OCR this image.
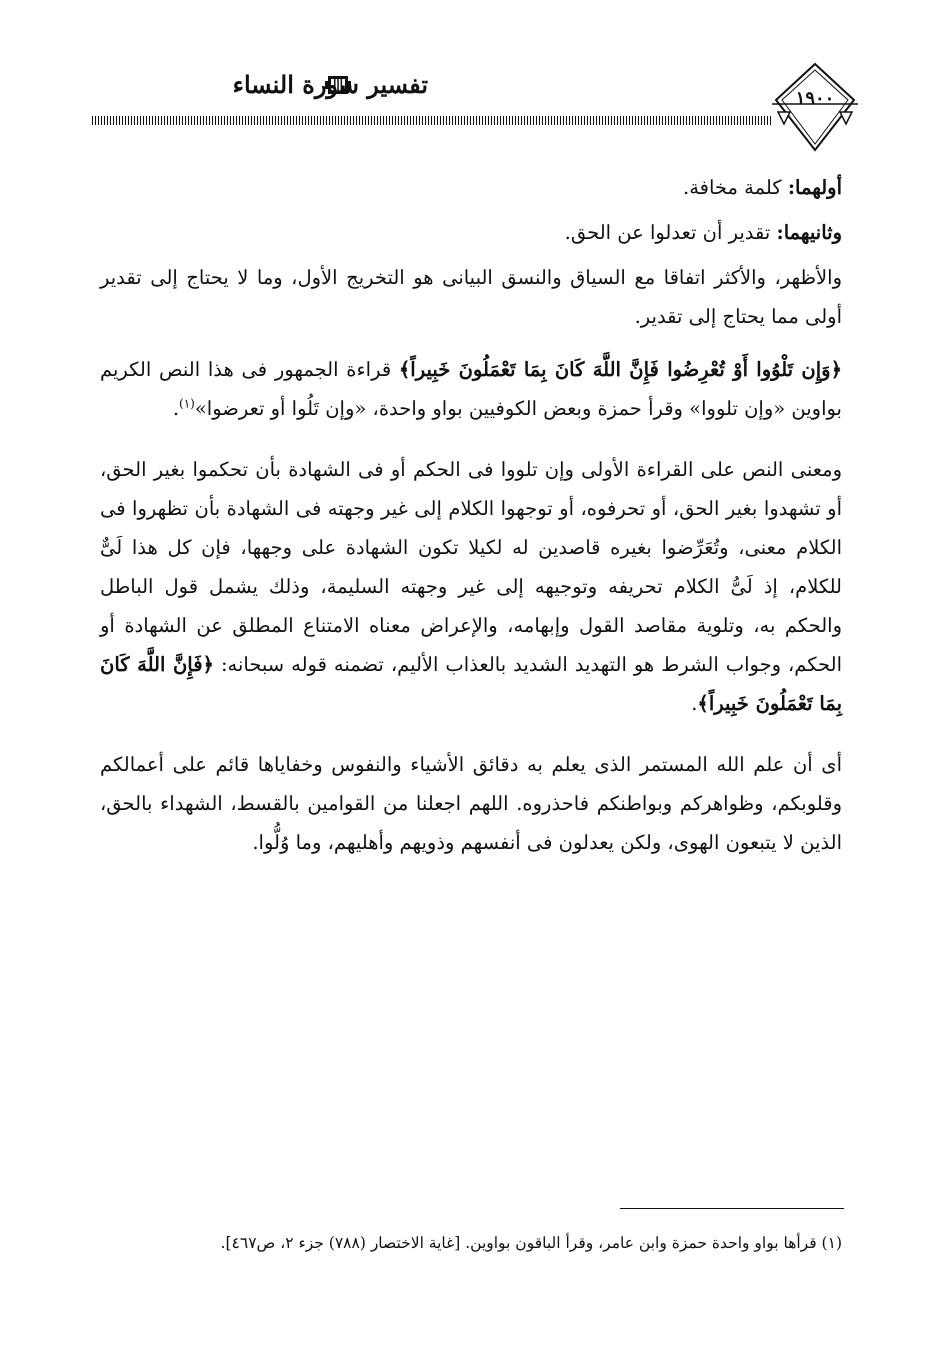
تفسير سورة النساء	١٩٠٠

أولهما: كلمة مخافة.

وثانيهما: تقدير أن تعدلوا عن الحق.

والأظهر، والأكثر اتفاقا مع السياق والنسق البيانى هو التخريج الأول، وما لا يحتاج إلى تقدير أولى مما يحتاج إلى تقدير.

﴿وَإِن تَلْوُوا أَوْ تُعْرِضُوا فَإِنَّ اللَّهَ كَانَ بِمَا تَعْمَلُونَ خَبِيراً﴾ قراءة الجمهور فى هذا النص الكريم بواوين «وإن تلووا» وقرأ حمزة وبعض الكوفيين بواو واحدة، «وإن تَلُوا أو تعرضوا»$^{(١)}$.

ومعنى النص على القراءة الأولى وإن تلووا فى الحكم أو فى الشهادة بأن تحكموا بغير الحق، أو تشهدوا بغير الحق، أو تحرفوه، أو توجهوا الكلام إلى غير وجهته فى الشهادة بأن تظهروا فى الكلام معنى، وتُعَرِّضوا بغيره قاصدين له لكيلا تكون الشهادة على وجهها، فإن كل هذا لَىٌّ للكلام، إذ لَىُّ الكلام تحريفه وتوجيهه إلى غير وجهته السليمة، وذلك يشمل قول الباطل والحكم به، وتلوية مقاصد القول وإبهامه، والإعراض معناه الامتناع المطلق عن الشهادة أو الحكم، وجواب الشرط هو التهديد الشديد بالعذاب الأليم، تضمنه قوله سبحانه: ﴿فَإِنَّ اللَّهَ كَانَ بِمَا تَعْمَلُونَ خَبِيراً﴾.

أى أن علم الله المستمر الذى يعلم به دقائق الأشياء والنفوس وخفاياها قائم على أعمالكم وقلوبكم، وظواهركم وبواطنكم فاحذروه. اللهم اجعلنا من القوامين بالقسط، الشهداء بالحق، الذين لا يتبعون الهوى، ولكن يعدلون فى أنفسهم وذويهم وأهليهم، وما وُلُّوا.

(١) قرأها بواو واحدة حمزة وابن عامر، وقرأ الباقون بواوين. [غاية الاختصار (٧٨٨) جزء ٢، ص٤٦٧].
